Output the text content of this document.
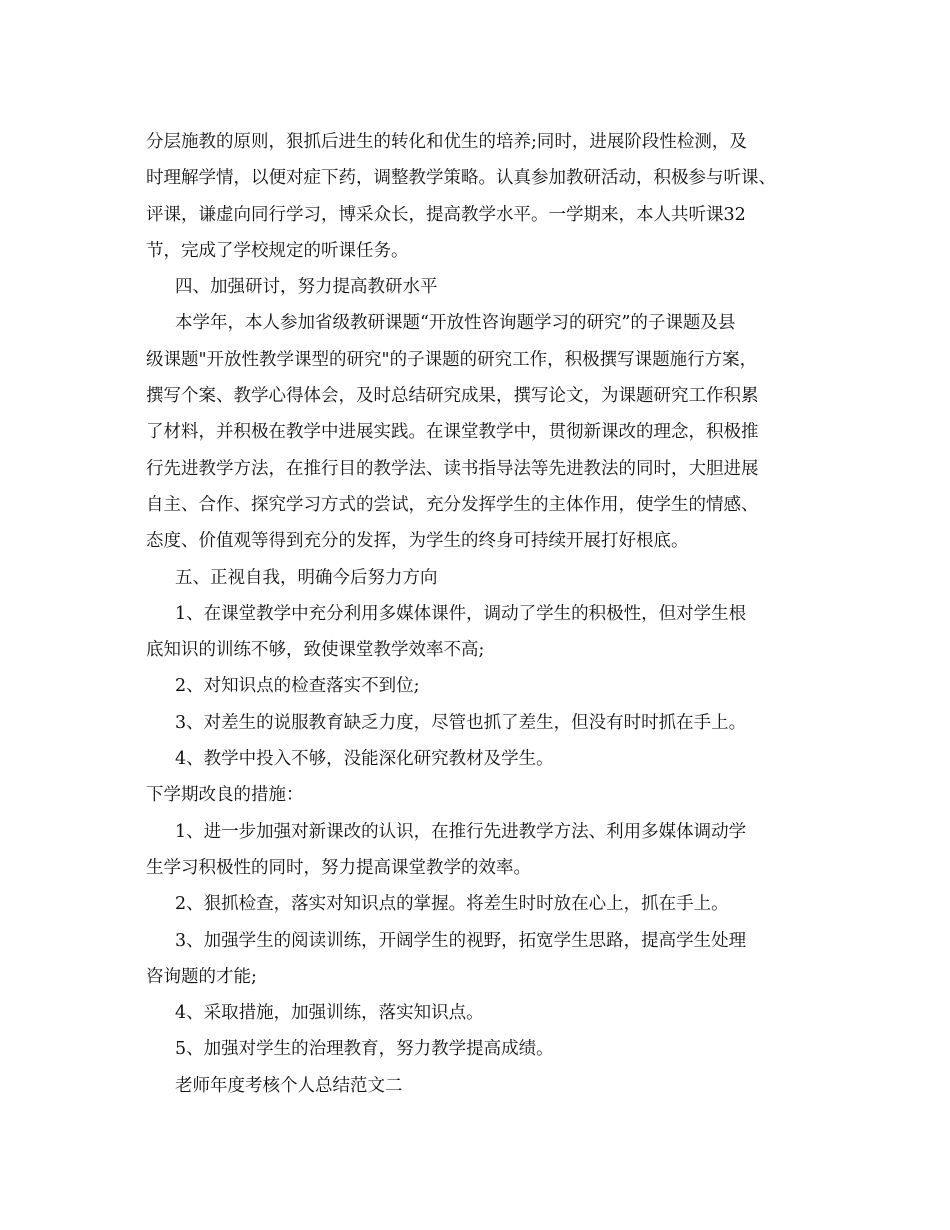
分层施教的原则，狠抓后进生的转化和优生的培养;同时，进展阶段性检测，及
时理解学情，以便对症下药，调整教学策略。认真参加教研活动，积极参与听课、
评课，谦虚向同行学习，博采众长，提高教学水平。一学期来，本人共听课32
节，完成了学校规定的听课任务。
四、加强研讨，努力提高教研水平
本学年，本人参加省级教研课题“开放性咨询题学习的研究”的子课题及县
级课题"开放性教学课型的研究"的子课题的研究工作，积极撰写课题施行方案，
撰写个案、教学心得体会，及时总结研究成果，撰写论文，为课题研究工作积累
了材料，并积极在教学中进展实践。在课堂教学中，贯彻新课改的理念，积极推
行先进教学方法，在推行目的教学法、读书指导法等先进教法的同时，大胆进展
自主、合作、探究学习方式的尝试，充分发挥学生的主体作用，使学生的情感、
态度、价值观等得到充分的发挥，为学生的终身可持续开展打好根底。
五、正视自我，明确今后努力方向
1、在课堂教学中充分利用多媒体课件，调动了学生的积极性，但对学生根
底知识的训练不够，致使课堂教学效率不高;
2、对知识点的检查落实不到位;
3、对差生的说服教育缺乏力度，尽管也抓了差生，但没有时时抓在手上。
4、教学中投入不够，没能深化研究教材及学生。
下学期改良的措施：
1、进一步加强对新课改的认识，在推行先进教学方法、利用多媒体调动学
生学习积极性的同时，努力提高课堂教学的效率。
2、狠抓检查，落实对知识点的掌握。将差生时时放在心上，抓在手上。
3、加强学生的阅读训练，开阔学生的视野，拓宽学生思路，提高学生处理
咨询题的才能;
4、采取措施，加强训练，落实知识点。
5、加强对学生的治理教育，努力教学提高成绩。
老师年度考核个人总结范文二
